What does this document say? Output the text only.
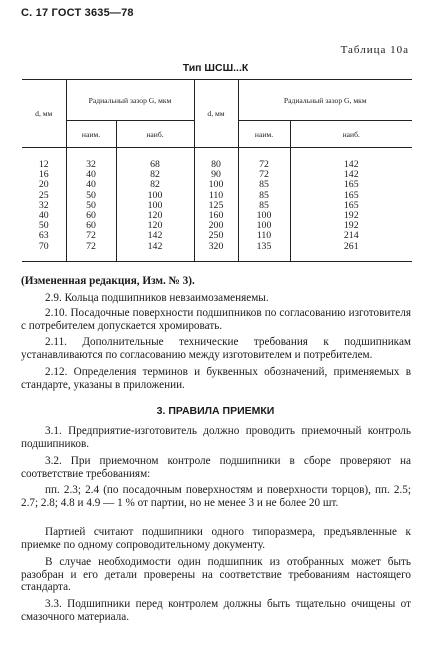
С. 17 ГОСТ 3635—78
Таблица 10а
Тип ШСШ...К
d, мм	Радиальный зазор G, мкм		d, мм	Радиальный зазор G, мкм	
	наим.	наиб.		наим.	наиб.
12	32	68	80	72	142
16	40	82	90	72	142
20	40	82	100	85	165
25	50	100	110	85	165
32	50	100	125	85	165
40	60	120	160	100	192
50	60	120	200	100	192
63	72	142	250	110	214
70	72	142	320	135	261

(Измененная редакция, Изм. № 3).

2.9. Кольца подшипников невзаимозаменяемы.

2.10. Посадочные поверхности подшипников по согласованию изготовителя с потребителем допускается хромировать.

2.11. Дополнительные технические требования к подшипникам устанавливаются по согласованию между изготовителем и потребителем.

2.12. Определения терминов и буквенных обозначений, применяемых в стандарте, указаны в приложении.

3. ПРАВИЛА ПРИЕМКИ

3.1. Предприятие-изготовитель должно проводить приемочный контроль подшипников.

3.2. При приемочном контроле подшипники в сборе проверяют на соответствие требованиям:

пп. 2.3; 2.4 (по посадочным поверхностям и поверхности торцов), пп. 2.5; 2.7; 2.8; 4.8 и 4.9 — 1 % от партии, но не менее 3 и не более 20 шт.

Партией считают подшипники одного типоразмера, предъявленные к приемке по одному сопроводительному документу.

В случае необходимости один подшипник из отобранных может быть разобран и его детали проверены на соответствие требованиям настоящего стандарта.

3.3. Подшипники перед контролем должны быть тщательно очищены от смазочного материала.
